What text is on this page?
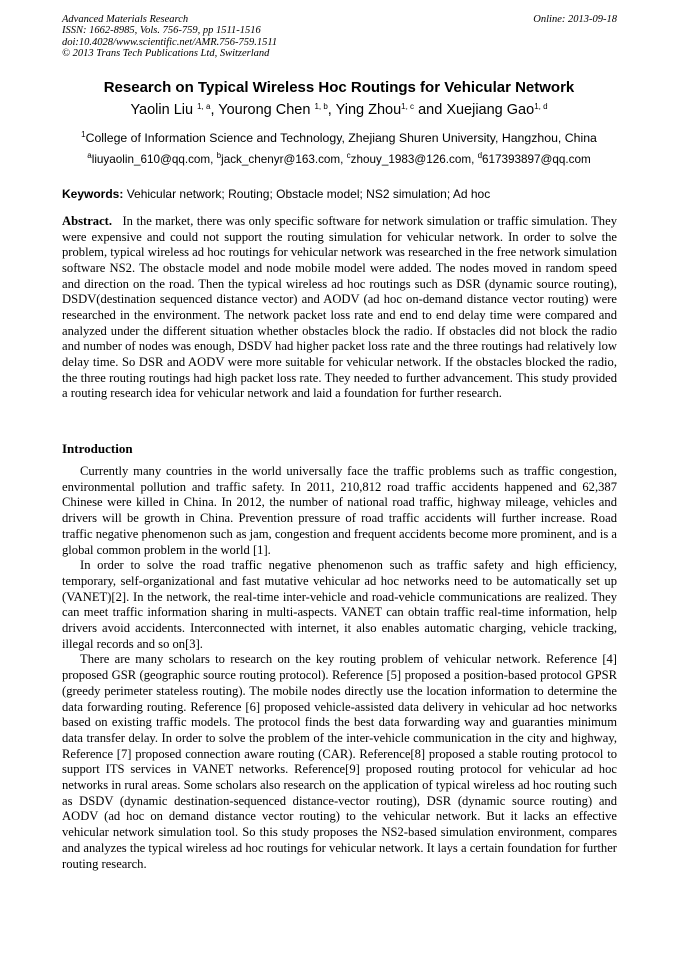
Advanced Materials Research
ISSN: 1662-8985, Vols. 756-759, pp 1511-1516
doi:10.4028/www.scientific.net/AMR.756-759.1511
© 2013 Trans Tech Publications Ltd, Switzerland
Online: 2013-09-18
Research on Typical Wireless Hoc Routings for Vehicular Network
Yaolin Liu $^{1, a}$, Yourong Chen $^{1, b}$, Ying Zhou$^{1, c}$ and Xuejiang Gao$^{1, d}$
$^1$College of Information Science and Technology, Zhejiang Shuren University, Hangzhou, China
$^a$liuyaolin_610@qq.com, $^b$jack_chenyr@163.com, $^c$zhouy_1983@126.com, $^d$617393897@qq.com
Keywords: Vehicular network; Routing; Obstacle model; NS2 simulation; Ad hoc

Abstract. In the market, there was only specific software for network simulation or traffic simulation. They were expensive and could not support the routing simulation for vehicular network. In order to solve the problem, typical wireless ad hoc routings for vehicular network was researched in the free network simulation software NS2. The obstacle model and node mobile model were added. The nodes moved in random speed and direction on the road. Then the typical wireless ad hoc routings such as DSR (dynamic source routing), DSDV(destination sequenced distance vector) and AODV (ad hoc on-demand distance vector routing) were researched in the environment. The network packet loss rate and end to end delay time were compared and analyzed under the different situation whether obstacles block the radio. If obstacles did not block the radio and number of nodes was enough, DSDV had higher packet loss rate and the three routings had relatively low delay time. So DSR and AODV were more suitable for vehicular network. If the obstacles blocked the radio, the three routing routings had high packet loss rate. They needed to further advancement. This study provided a routing research idea for vehicular network and laid a foundation for further research.

Introduction

Currently many countries in the world universally face the traffic problems such as traffic congestion, environmental pollution and traffic safety. In 2011, 210,812 road traffic accidents happened and 62,387 Chinese were killed in China. In 2012, the number of national road traffic, highway mileage, vehicles and drivers will be growth in China. Prevention pressure of road traffic accidents will further increase. Road traffic negative phenomenon such as jam, congestion and frequent accidents become more prominent, and is a global common problem in the world [1].

In order to solve the road traffic negative phenomenon such as traffic safety and high efficiency, temporary, self-organizational and fast mutative vehicular ad hoc networks need to be automatically set up (VANET)[2]. In the network, the real-time inter-vehicle and road-vehicle communications are realized. They can meet traffic information sharing in multi-aspects. VANET can obtain traffic real-time information, help drivers avoid accidents. Interconnected with internet, it also enables automatic charging, vehicle tracking, illegal records and so on[3].

There are many scholars to research on the key routing problem of vehicular network. Reference [4] proposed GSR (geographic source routing protocol). Reference [5] proposed a position-based protocol GPSR (greedy perimeter stateless routing). The mobile nodes directly use the location information to determine the data forwarding routing. Reference [6] proposed vehicle-assisted data delivery in vehicular ad hoc networks based on existing traffic models. The protocol finds the best data forwarding way and guaranties minimum data transfer delay. In order to solve the problem of the inter-vehicle communication in the city and highway, Reference [7] proposed connection aware routing (CAR). Reference[8] proposed a stable routing protocol to support ITS services in VANET networks. Reference[9] proposed routing protocol for vehicular ad hoc networks in rural areas. Some scholars also research on the application of typical wireless ad hoc routing such as DSDV (dynamic destination-sequenced distance-vector routing), DSR (dynamic source routing) and AODV (ad hoc on demand distance vector routing) to the vehicular network. But it lacks an effective vehicular network simulation tool. So this study proposes the NS2-based simulation environment, compares and analyzes the typical wireless ad hoc routings for vehicular network. It lays a certain foundation for further routing research.
